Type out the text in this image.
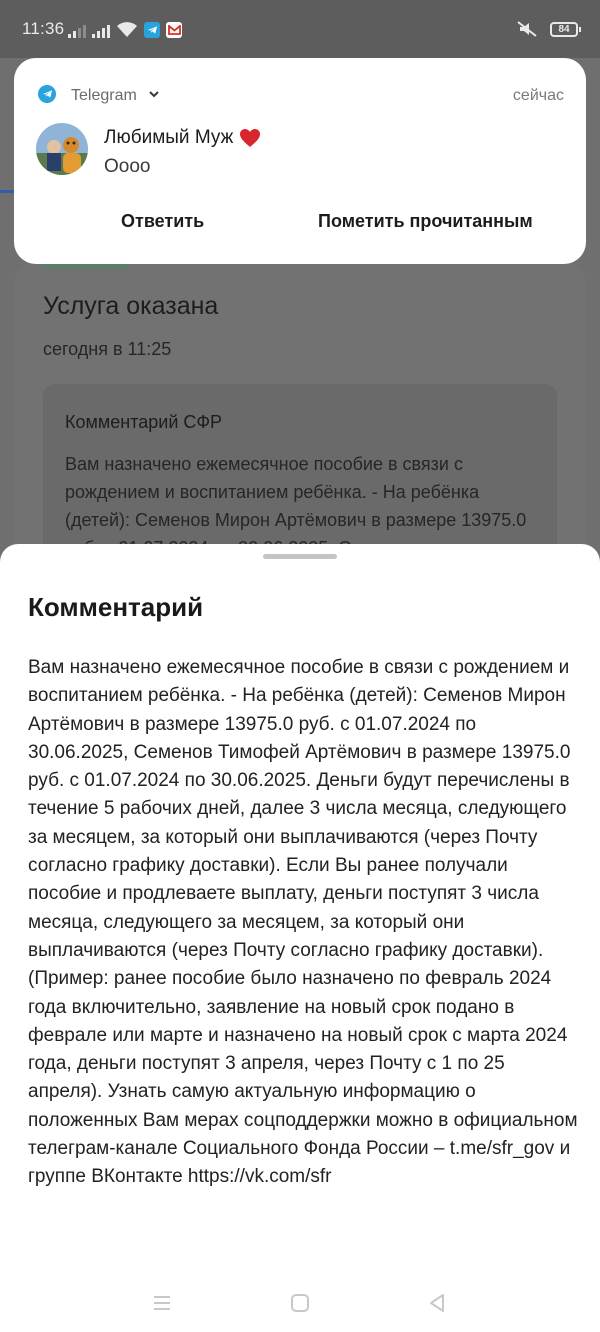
11:36	84
Услуга оказана
сегодня в 11:25
Комментарий СФР
Вам назначено ежемесячное пособие в связи с рождением и воспитанием ребёнка. - На ребёнка (детей): Семенов Мирон Артёмович в размере 13975.0
Telegram	сейчас
Любимый Муж
Оооо
Ответить	Пометить прочитанным
Комментарий
Вам назначено ежемесячное пособие в связи с рождением и воспитанием ребёнка. - На ребёнка (детей): Семенов Мирон Артёмович в размере 13975.0 руб. с 01.07.2024 по 30.06.2025, Семенов Тимофей Артёмович в размере 13975.0 руб. с 01.07.2024 по 30.06.2025. Деньги будут перечислены в течение 5 рабочих дней, далее 3 числа месяца, следующего за месяцем, за который они выплачиваются (через Почту согласно графику доставки). Если Вы ранее получали пособие и продлеваете выплату, деньги поступят 3 числа месяца, следующего за месяцем, за который они выплачиваются (через Почту согласно графику доставки). (Пример: ранее пособие было назначено по февраль 2024 года включительно, заявление на новый срок подано в феврале или марте и назначено на новый срок с марта 2024 года, деньги поступят 3 апреля, через Почту с 1 по 25 апреля). Узнать самую актуальную информацию о положенных Вам мерах соцподдержки можно в официальном телеграм-канале Социального Фонда России – t.me/sfr_gov и группе ВКонтакте https://vk.com/sfr
